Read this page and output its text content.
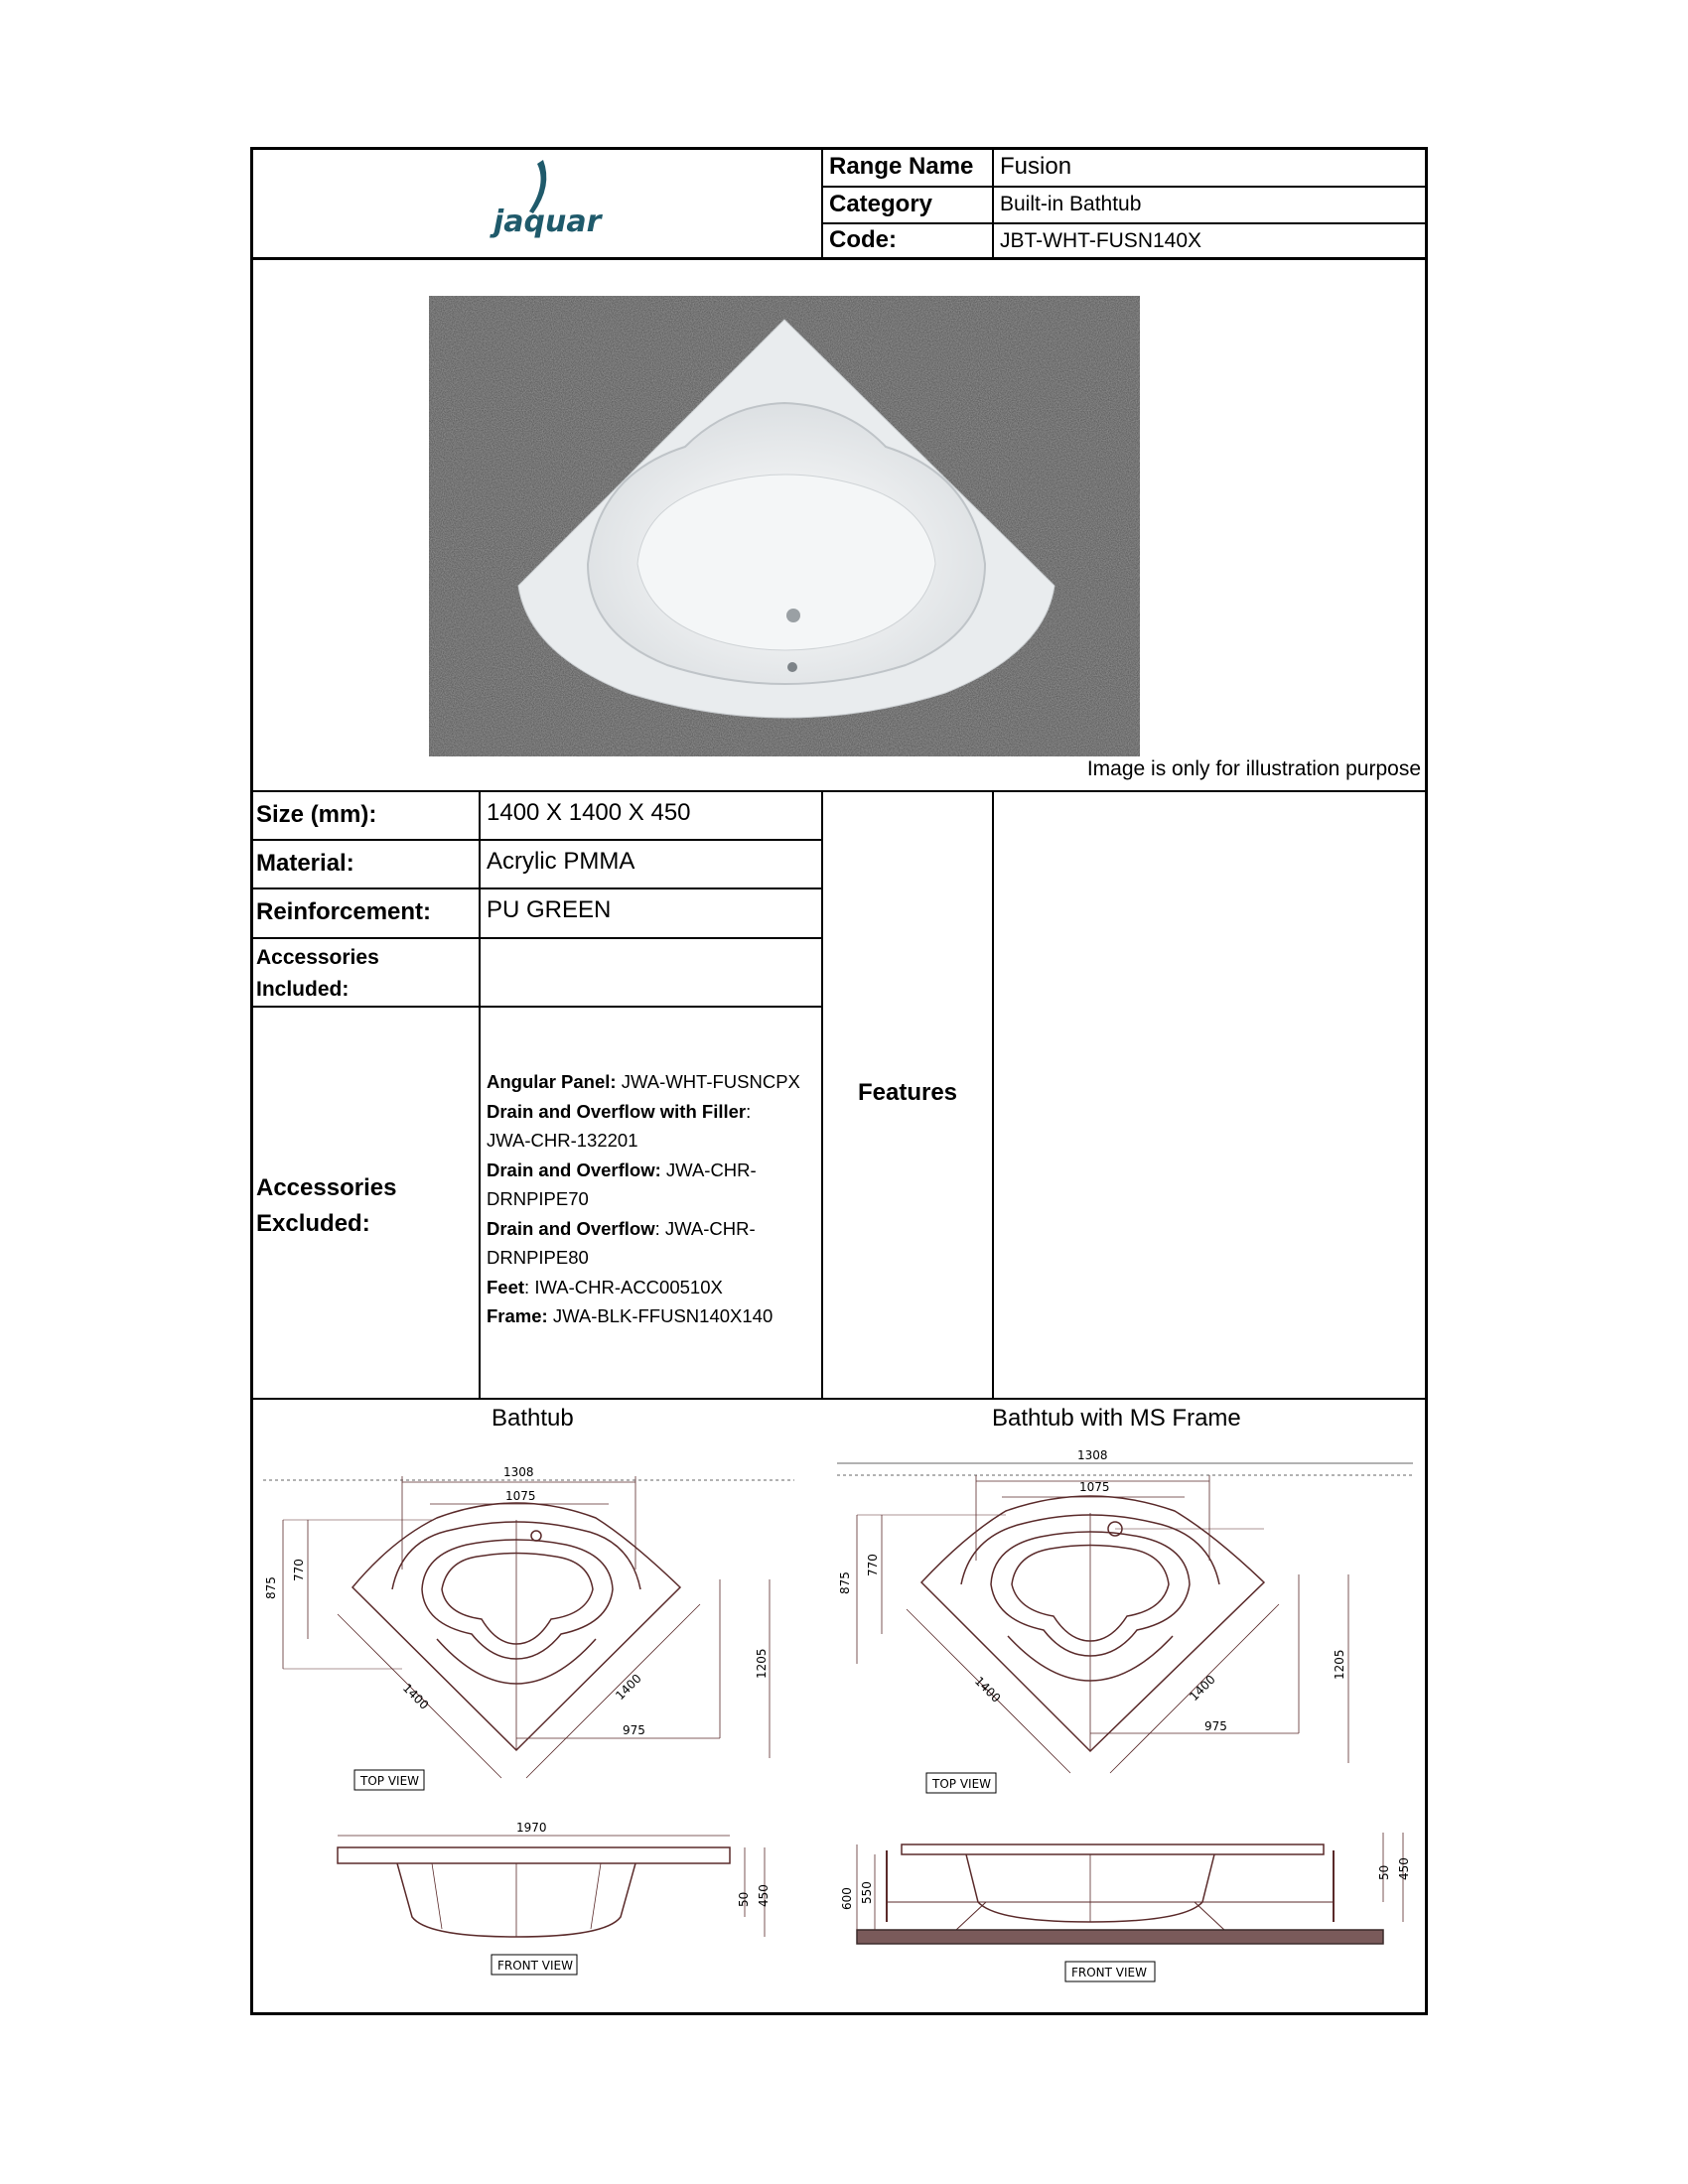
jaquar
Range Name Fusion
Category	Built-in Bathtub
Code:	JBT-WHT-FUSN140X
Image is only for illustration purpose
Size (mm):	1400 X 1400 X 450
Material:	Acrylic PMMA
Reinforcement: PU GREEN
Accessories
Included:
Accessories
Excluded:
Angular Panel: JWA-WHT-FUSNCPX
Drain and Overflow with Filler:
JWA-CHR-132201
Drain and Overflow: JWA-CHR-
DRNPIPE70
Drain and Overflow: JWA-CHR-
DRNPIPE80
Feet: IWA-CHR-ACC00510X
Frame: JWA-BLK-FFUSN140X140
Features
Bathtub	Bathtub with MS Frame
1308
1075
875
770
1400	1400
975
1205
TOP VIEW
1970
50 450
FRONT VIEW
1308
1075
875
770
1400	1400
975
1205
TOP VIEW
600 550
50 450
FRONT VIEW
